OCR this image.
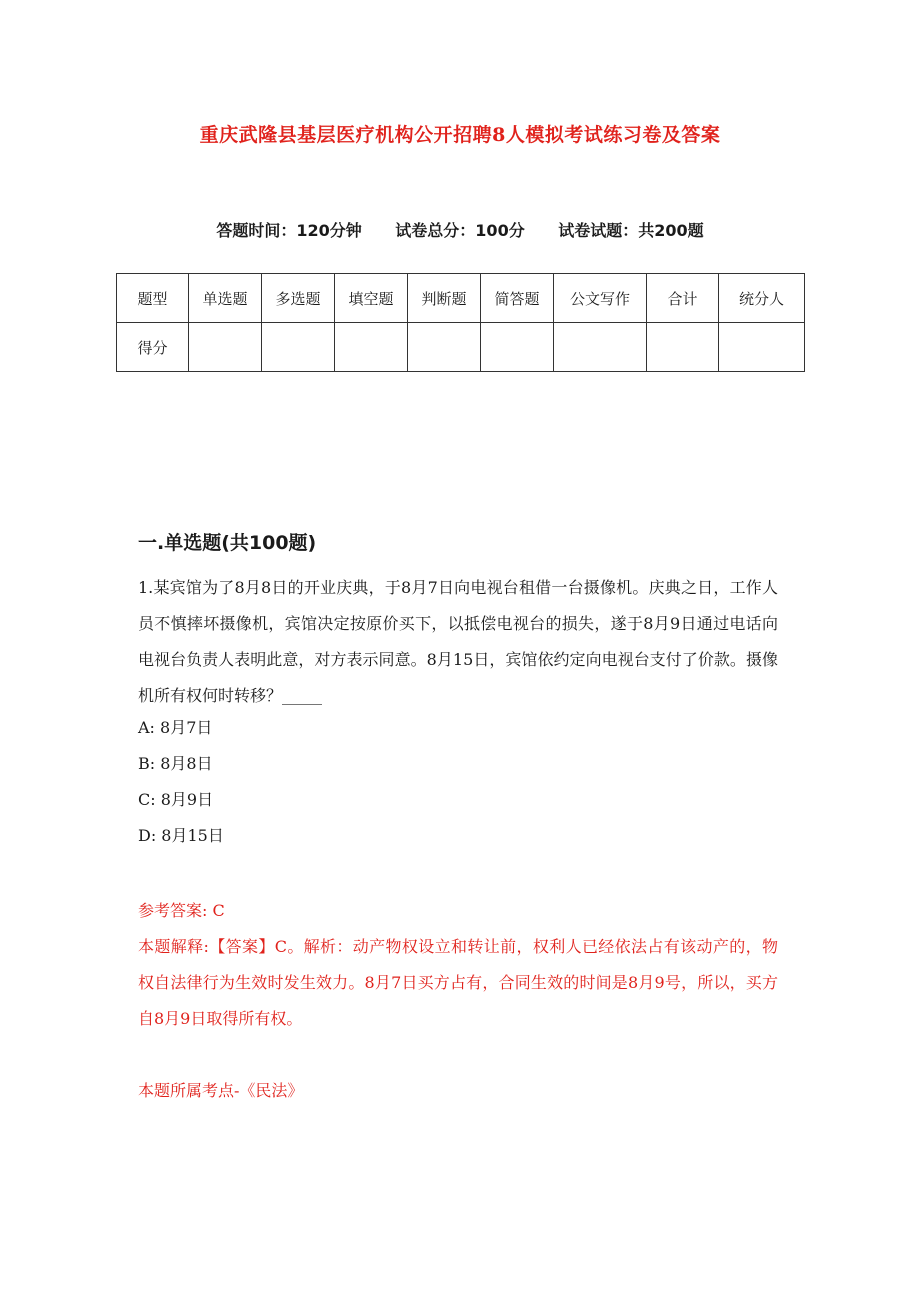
重庆武隆县基层医疗机构公开招聘8人模拟考试练习卷及答案
答题时间：120分钟 试卷总分：100分 试卷试题：共200题
题型	单选题	多选题	填空题	判断题	简答题	公文写作	合计	统分人
得分								
一.单选题(共100题)
1.某宾馆为了8月8日的开业庆典，于8月7日向电视台租借一台摄像机。庆典之日，工作人员不慎摔坏摄像机，宾馆决定按原价买下，以抵偿电视台的损失，遂于8月9日通过电话向电视台负责人表明此意，对方表示同意。8月15日，宾馆依约定向电视台支付了价款。摄像机所有权何时转移？_____
A: 8月7日
B: 8月8日
C: 8月9日
D: 8月15日
参考答案: C
本题解释:【答案】C。解析：动产物权设立和转让前，权利人已经依法占有该动产的，物权自法律行为生效时发生效力。8月7日买方占有，合同生效的时间是8月9号，所以，买方自8月9日取得所有权。
本题所属考点-《民法》
